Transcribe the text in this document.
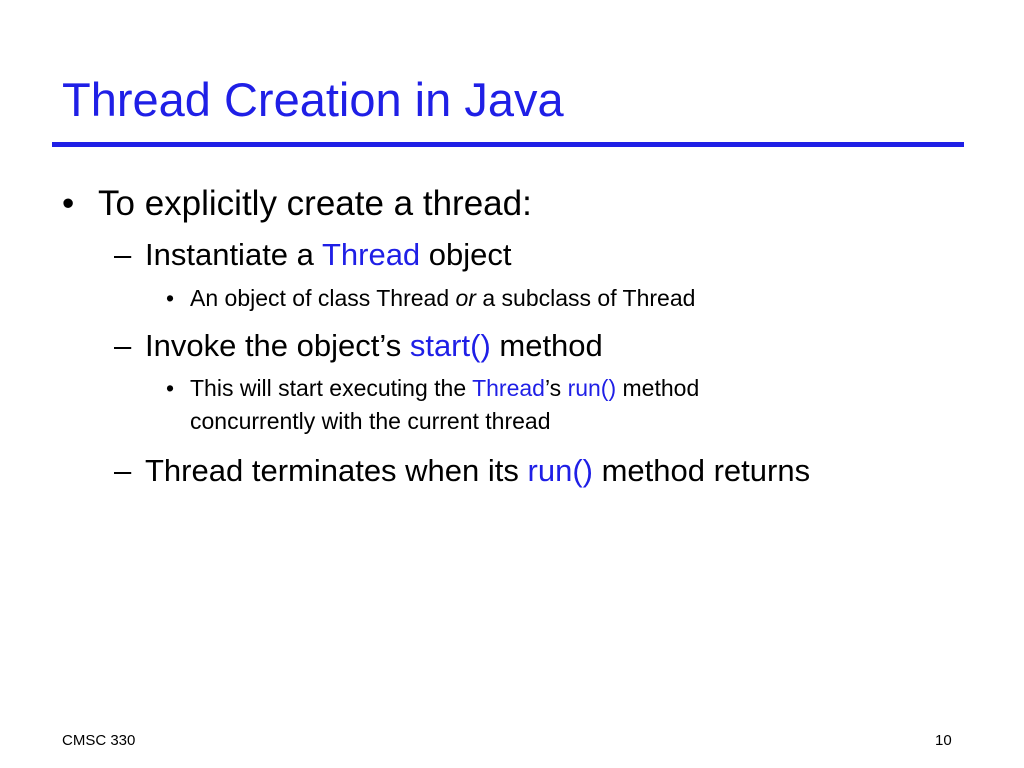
Thread Creation in Java
• To explicitly create a thread:
– Instantiate a Thread object
• An object of class Thread or a subclass of Thread
– Invoke the object’s start() method
• This will start executing the Thread’s run() method
concurrently with the current thread
– Thread terminates when its run() method returns
CMSC 330	10
